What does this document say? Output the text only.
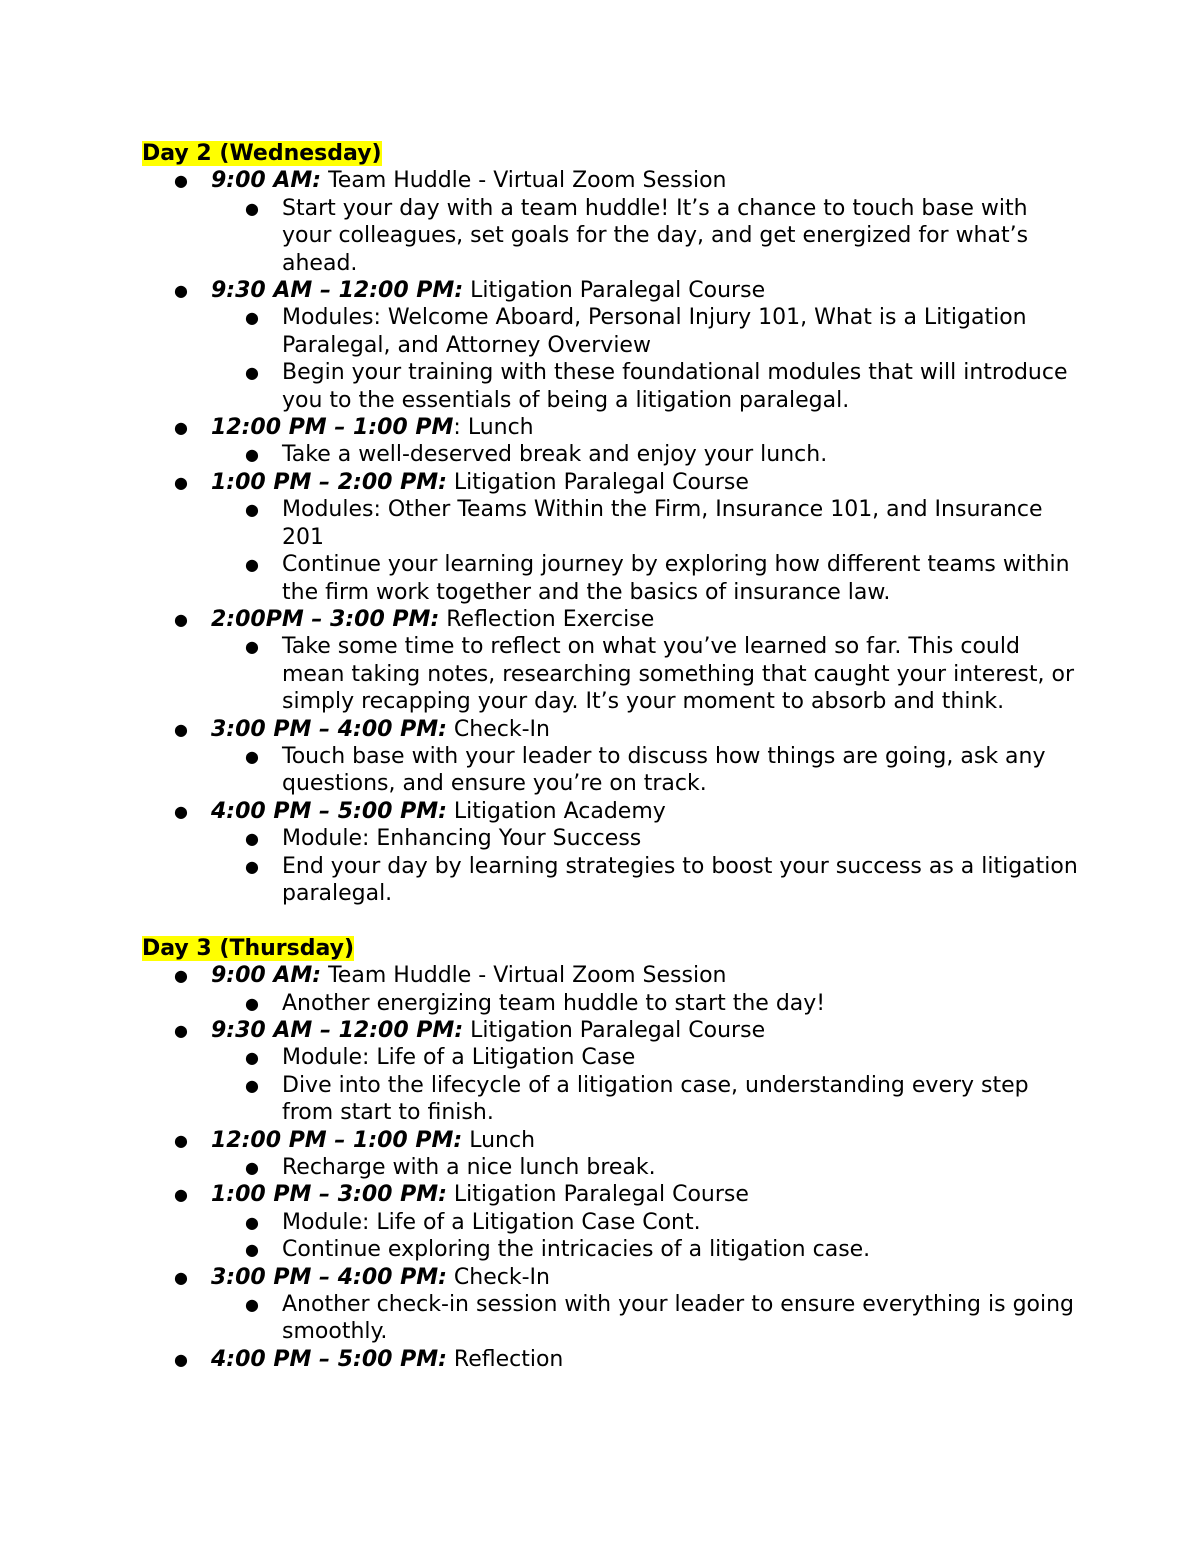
Day 2 (Wednesday)
● 9:00 AM: Team Huddle - Virtual Zoom Session
● Start your day with a team huddle! It’s a chance to touch base with your colleagues, set goals for the day, and get energized for what’s ahead.
● 9:30 AM – 12:00 PM: Litigation Paralegal Course
● Modules: Welcome Aboard, Personal Injury 101, What is a Litigation Paralegal, and Attorney Overview
● Begin your training with these foundational modules that will introduce you to the essentials of being a litigation paralegal.
● 12:00 PM – 1:00 PM: Lunch
● Take a well-deserved break and enjoy your lunch.
● 1:00 PM – 2:00 PM: Litigation Paralegal Course
● Modules: Other Teams Within the Firm, Insurance 101, and Insurance 201
● Continue your learning journey by exploring how different teams within the firm work together and the basics of insurance law.
● 2:00PM – 3:00 PM: Reflection Exercise
● Take some time to reflect on what you’ve learned so far. This could mean taking notes, researching something that caught your interest, or simply recapping your day. It’s your moment to absorb and think.
● 3:00 PM – 4:00 PM: Check-In
● Touch base with your leader to discuss how things are going, ask any questions, and ensure you’re on track.
● 4:00 PM – 5:00 PM: Litigation Academy
● Module: Enhancing Your Success
● End your day by learning strategies to boost your success as a litigation paralegal.
Day 3 (Thursday)
● 9:00 AM: Team Huddle - Virtual Zoom Session
● Another energizing team huddle to start the day!
● 9:30 AM – 12:00 PM: Litigation Paralegal Course
● Module: Life of a Litigation Case
● Dive into the lifecycle of a litigation case, understanding every step from start to finish.
● 12:00 PM – 1:00 PM: Lunch
● Recharge with a nice lunch break.
● 1:00 PM – 3:00 PM: Litigation Paralegal Course
● Module: Life of a Litigation Case Cont.
● Continue exploring the intricacies of a litigation case.
● 3:00 PM – 4:00 PM: Check-In
● Another check-in session with your leader to ensure everything is going smoothly.
● 4:00 PM – 5:00 PM: Reflection
